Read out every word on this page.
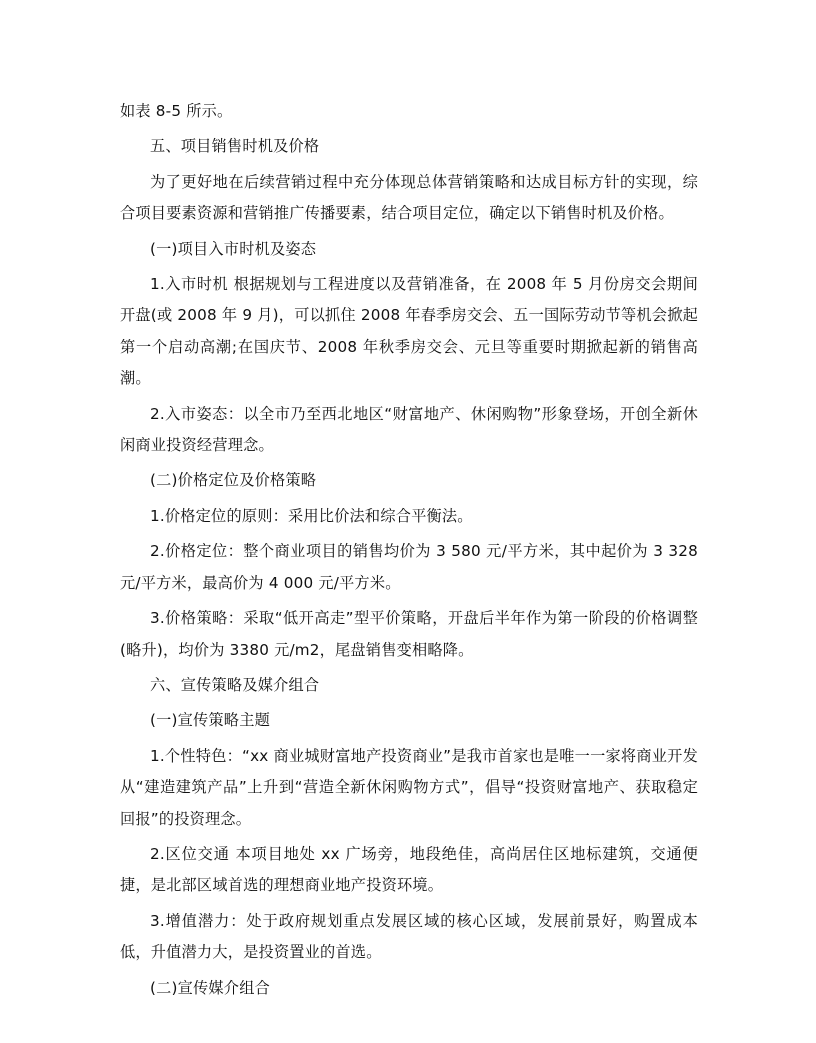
如表 8-5 所示。

五、项目销售时机及价格

为了更好地在后续营销过程中充分体现总体营销策略和达成目标方针的实现，综合项目要素资源和营销推广传播要素，结合项目定位，确定以下销售时机及价格。

(一)项目入市时机及姿态

1.入市时机 根据规划与工程进度以及营销准备，在 2008 年 5 月份房交会期间开盘(或 2008 年 9 月)，可以抓住 2008 年春季房交会、五一国际劳动节等机会掀起第一个启动高潮;在国庆节、2008 年秋季房交会、元旦等重要时期掀起新的销售高潮。

2.入市姿态：以全市乃至西北地区“财富地产、休闲购物”形象登场，开创全新休闲商业投资经营理念。

(二)价格定位及价格策略

1.价格定位的原则：采用比价法和综合平衡法。

2.价格定位：整个商业项目的销售均价为 3 580 元/平方米，其中起价为 3 328 元/平方米，最高价为 4 000 元/平方米。

3.价格策略：采取“低开高走”型平价策略，开盘后半年作为第一阶段的价格调整(略升)，均价为 3380 元/m2，尾盘销售变相略降。

六、宣传策略及媒介组合

(一)宣传策略主题

1.个性特色：“xx 商业城财富地产投资商业”是我市首家也是唯一一家将商业开发从“建造建筑产品”上升到“营造全新休闲购物方式”，倡导“投资财富地产、获取稳定回报”的投资理念。

2.区位交通 本项目地处 xx 广场旁，地段绝佳，高尚居住区地标建筑，交通便捷，是北部区域首选的理想商业地产投资环境。

3.增值潜力：处于政府规划重点发展区域的核心区域，发展前景好，购置成本低，升值潜力大，是投资置业的首选。

(二)宣传媒介组合
